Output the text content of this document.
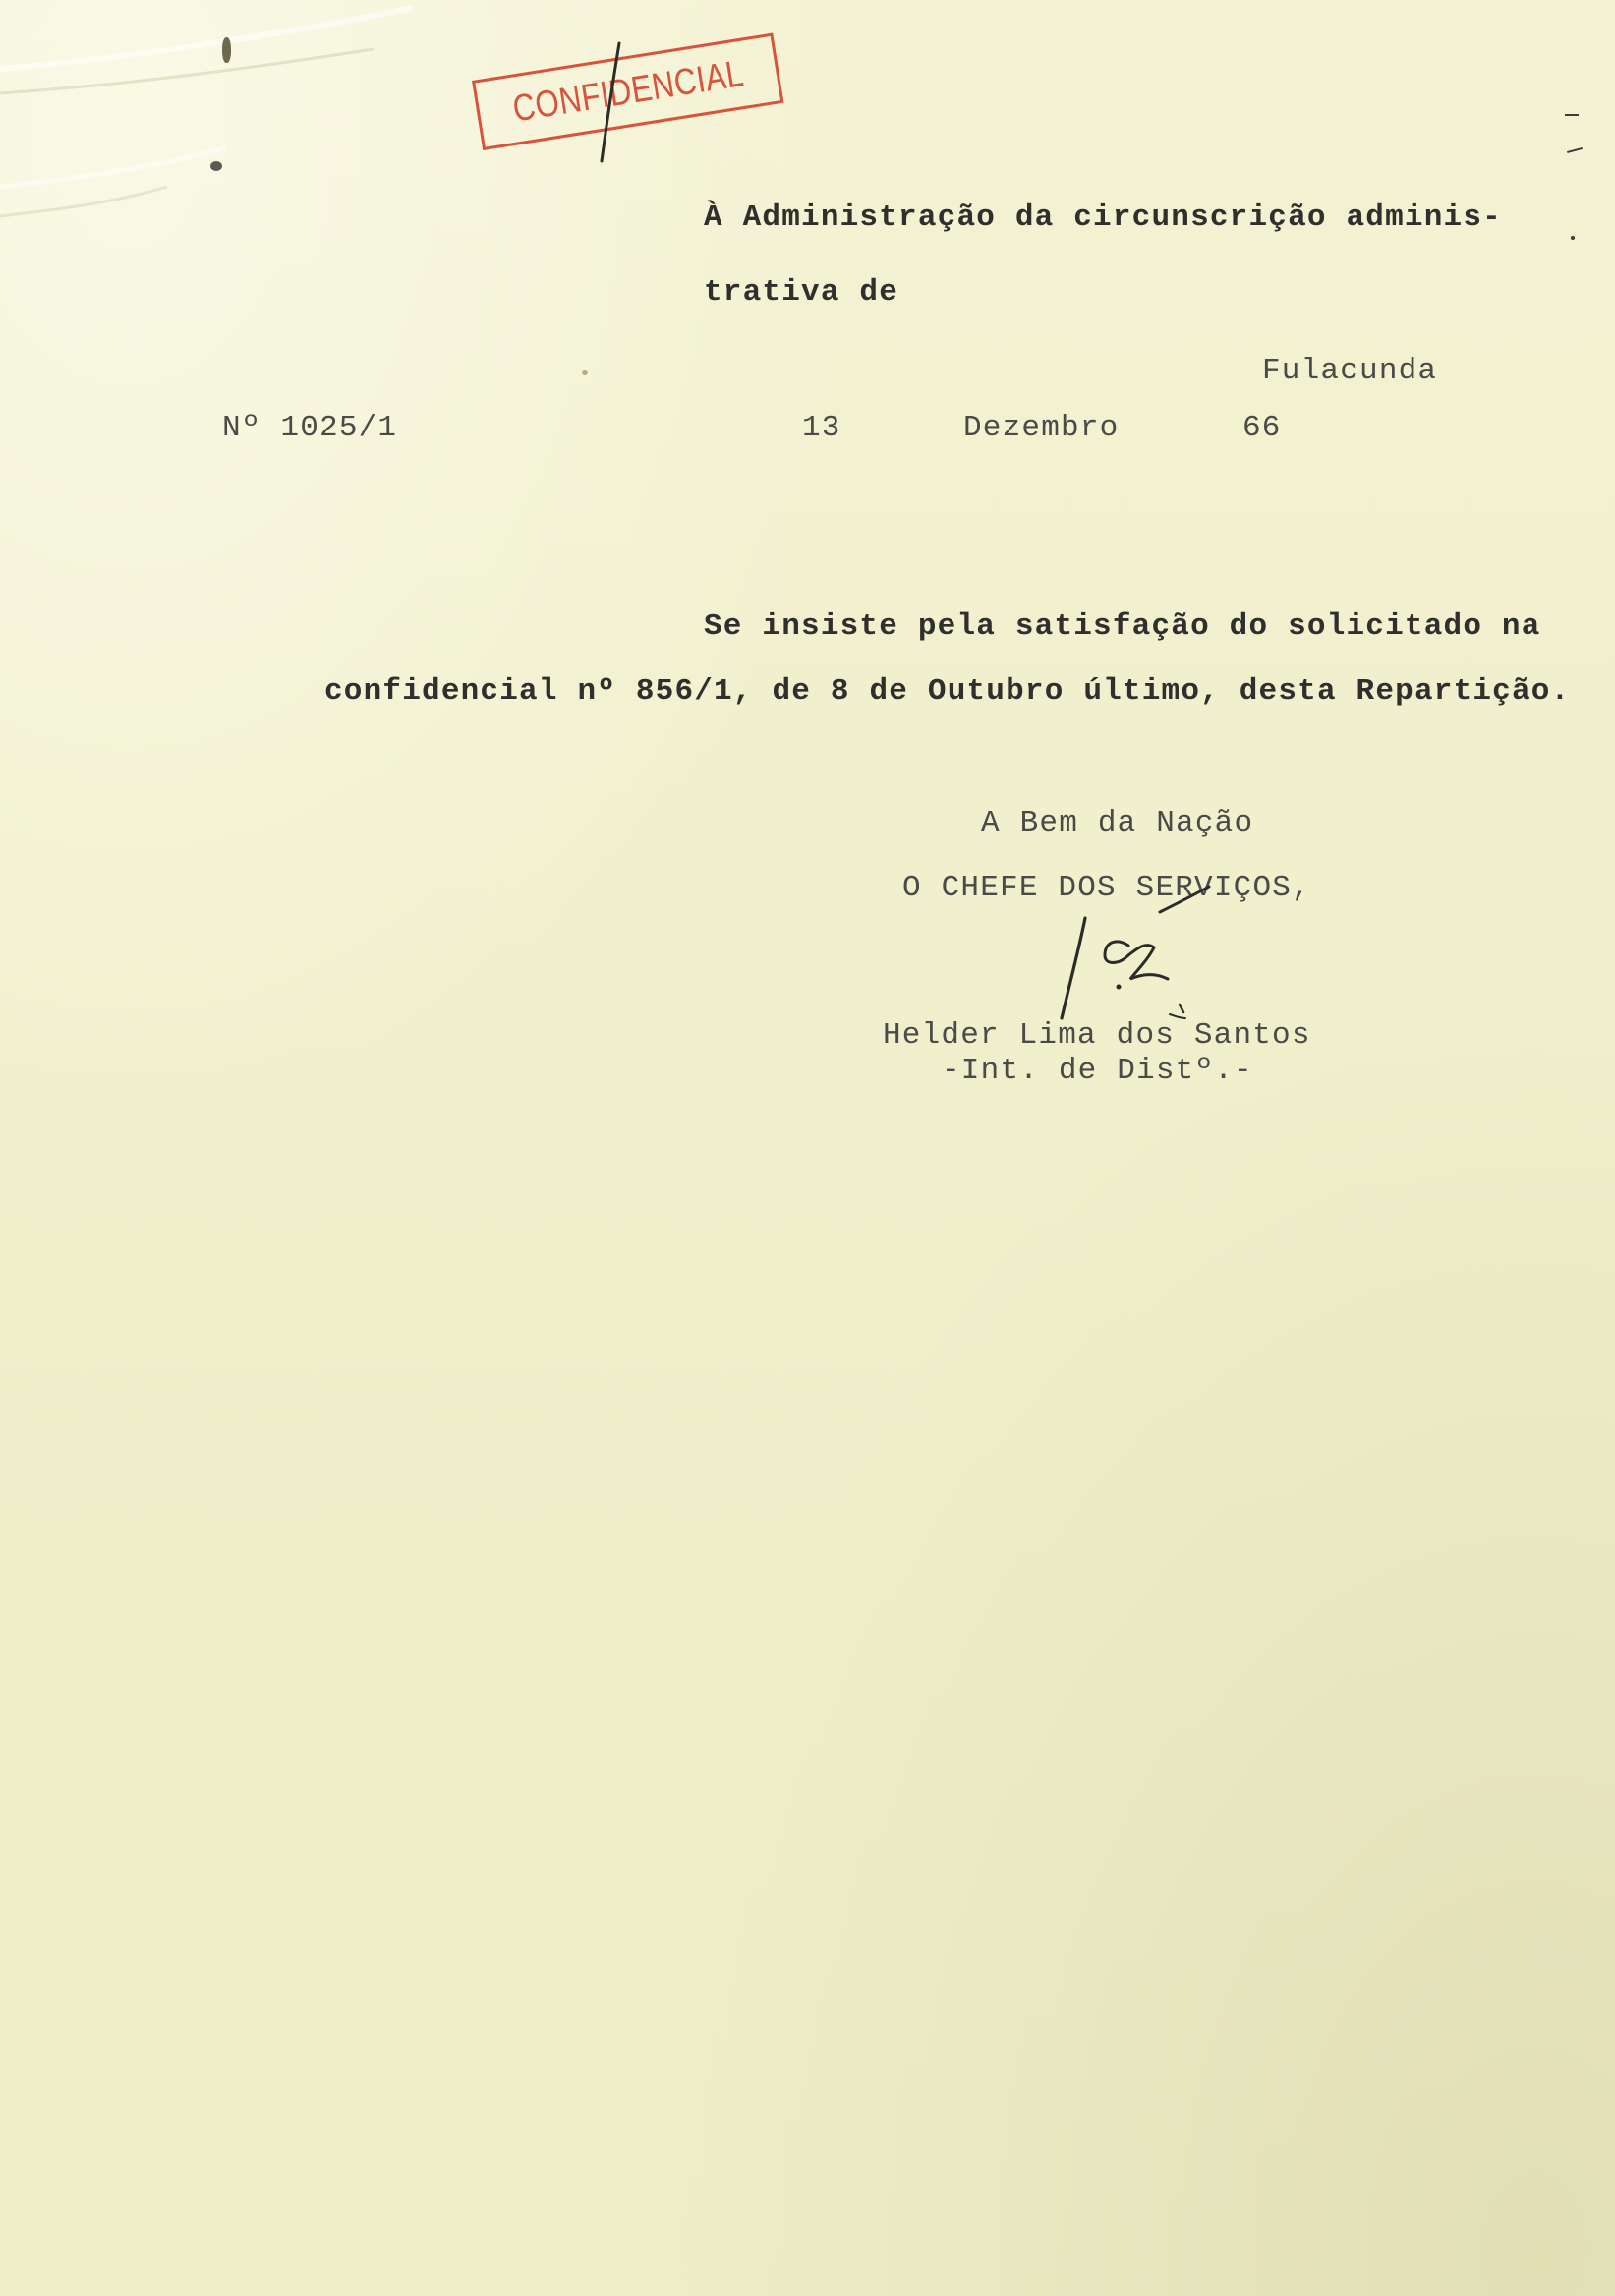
CONFIDENCIAL
À Administração da circunscrição adminis-
trativa de
Fulacunda
Nº 1025/1	13	Dezembro	66
Se insiste pela satisfação do solicitado na
confidencial nº 856/1, de 8 de Outubro último, desta Repartição.
A Bem da Nação
O CHEFE DOS SERVIÇOS,
Helder Lima dos Santos
-Int. de Distº.-
